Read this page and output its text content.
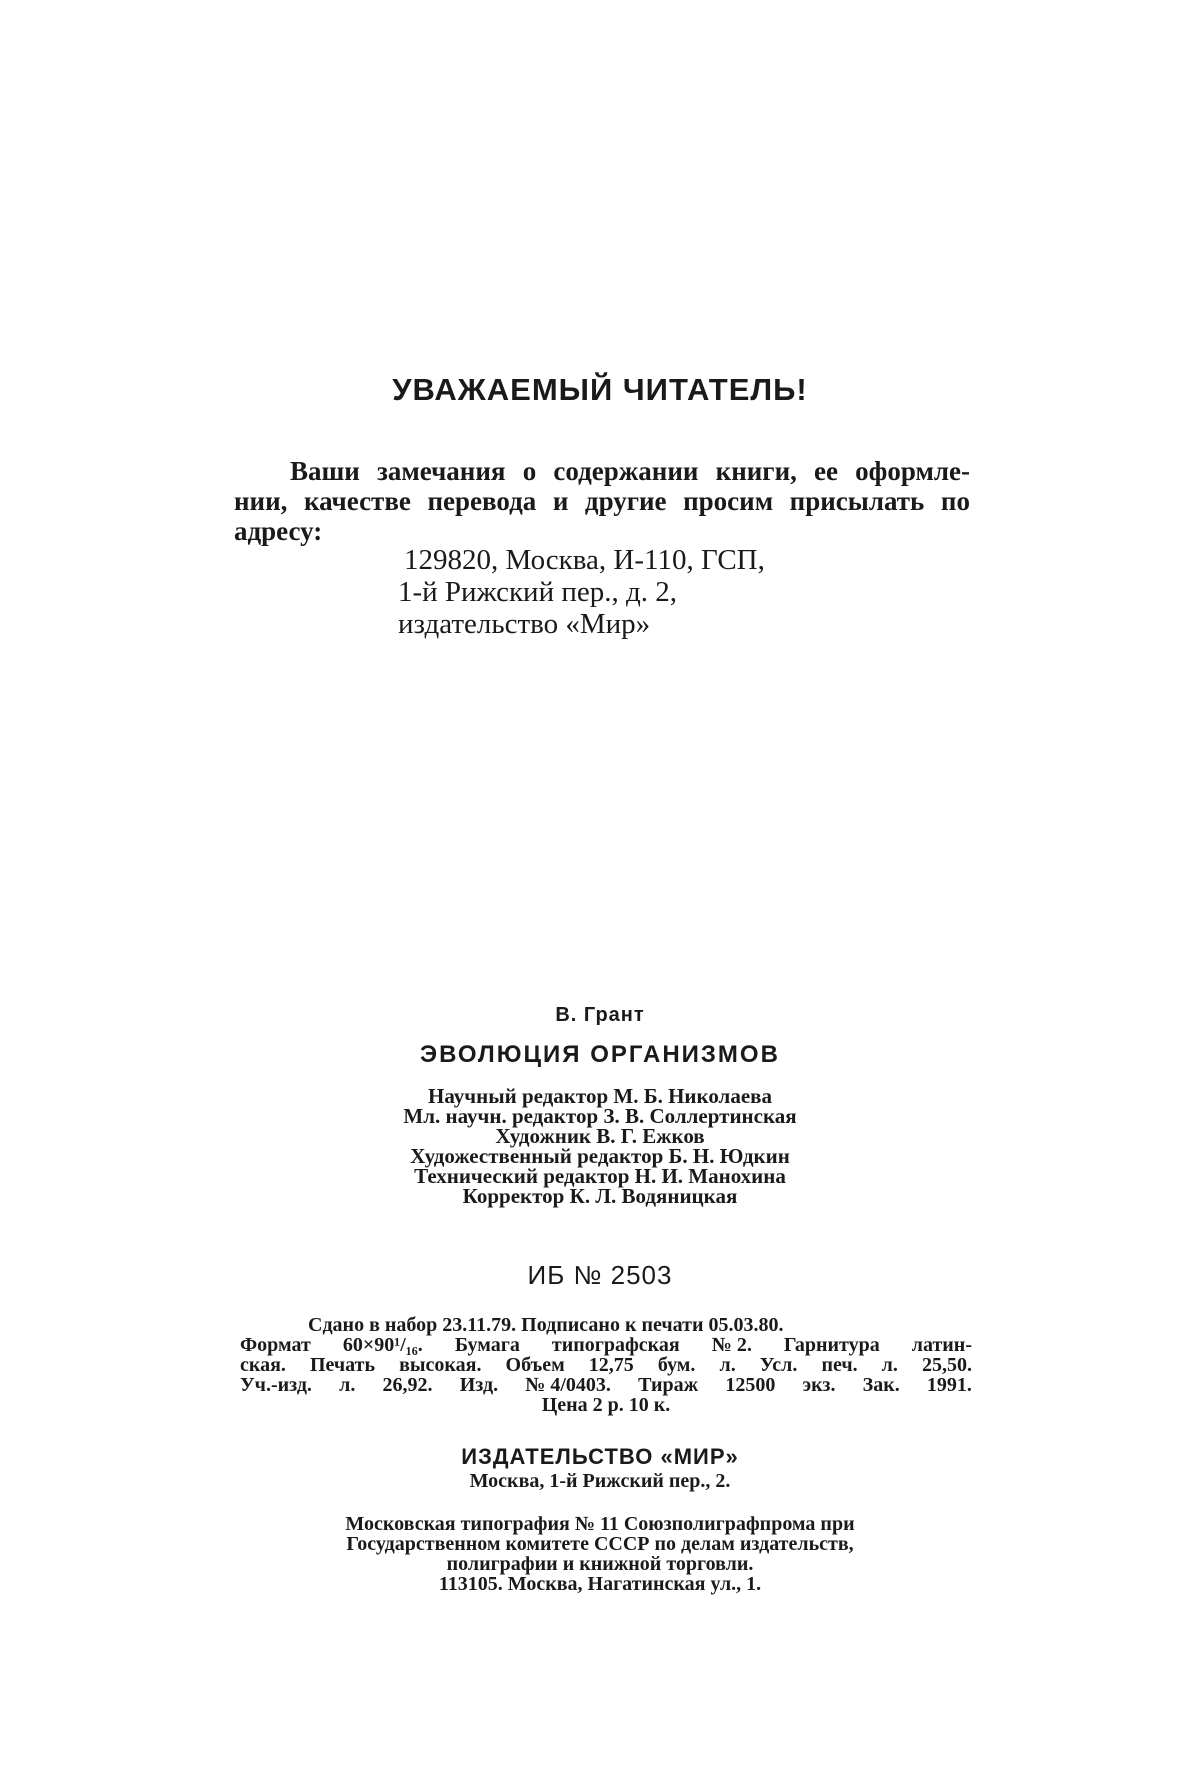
УВАЖАЕМЫЙ ЧИТАТЕЛЬ!
Ваши замечания о содержании книги, ее оформле-
нии, качестве перевода и другие просим присылать по
адресу:
129820, Москва, И-110, ГСП,
1-й Рижский пер., д. 2,
издательство «Мир»
В. Грант
ЭВОЛЮЦИЯ ОРГАНИЗМОВ
Научный редактор М. Б. Николаева
Мл. научн. редактор З. В. Соллертинская
Художник В. Г. Ежков
Художественный редактор Б. Н. Юдкин
Технический редактор Н. И. Манохина
Корректор К. Л. Водяницкая
ИБ № 2503
Сдано в набор 23.11.79. Подписано к печати 05.03.80.
Формат 60×90¹/₁₆. Бумага типографская № 2. Гарнитура латин-
ская. Печать высокая. Объем 12,75 бум. л. Усл. печ. л. 25,50.
Уч.-изд. л. 26,92. Изд. № 4/0403. Тираж 12500 экз. Зак. 1991.
Цена 2 р. 10 к.
ИЗДАТЕЛЬСТВО «МИР»
Москва, 1-й Рижский пер., 2.
Московская типография № 11 Союзполиграфпрома при
Государственном комитете СССР по делам издательств,
полиграфии и книжной торговли.
113105. Москва, Нагатинская ул., 1.
